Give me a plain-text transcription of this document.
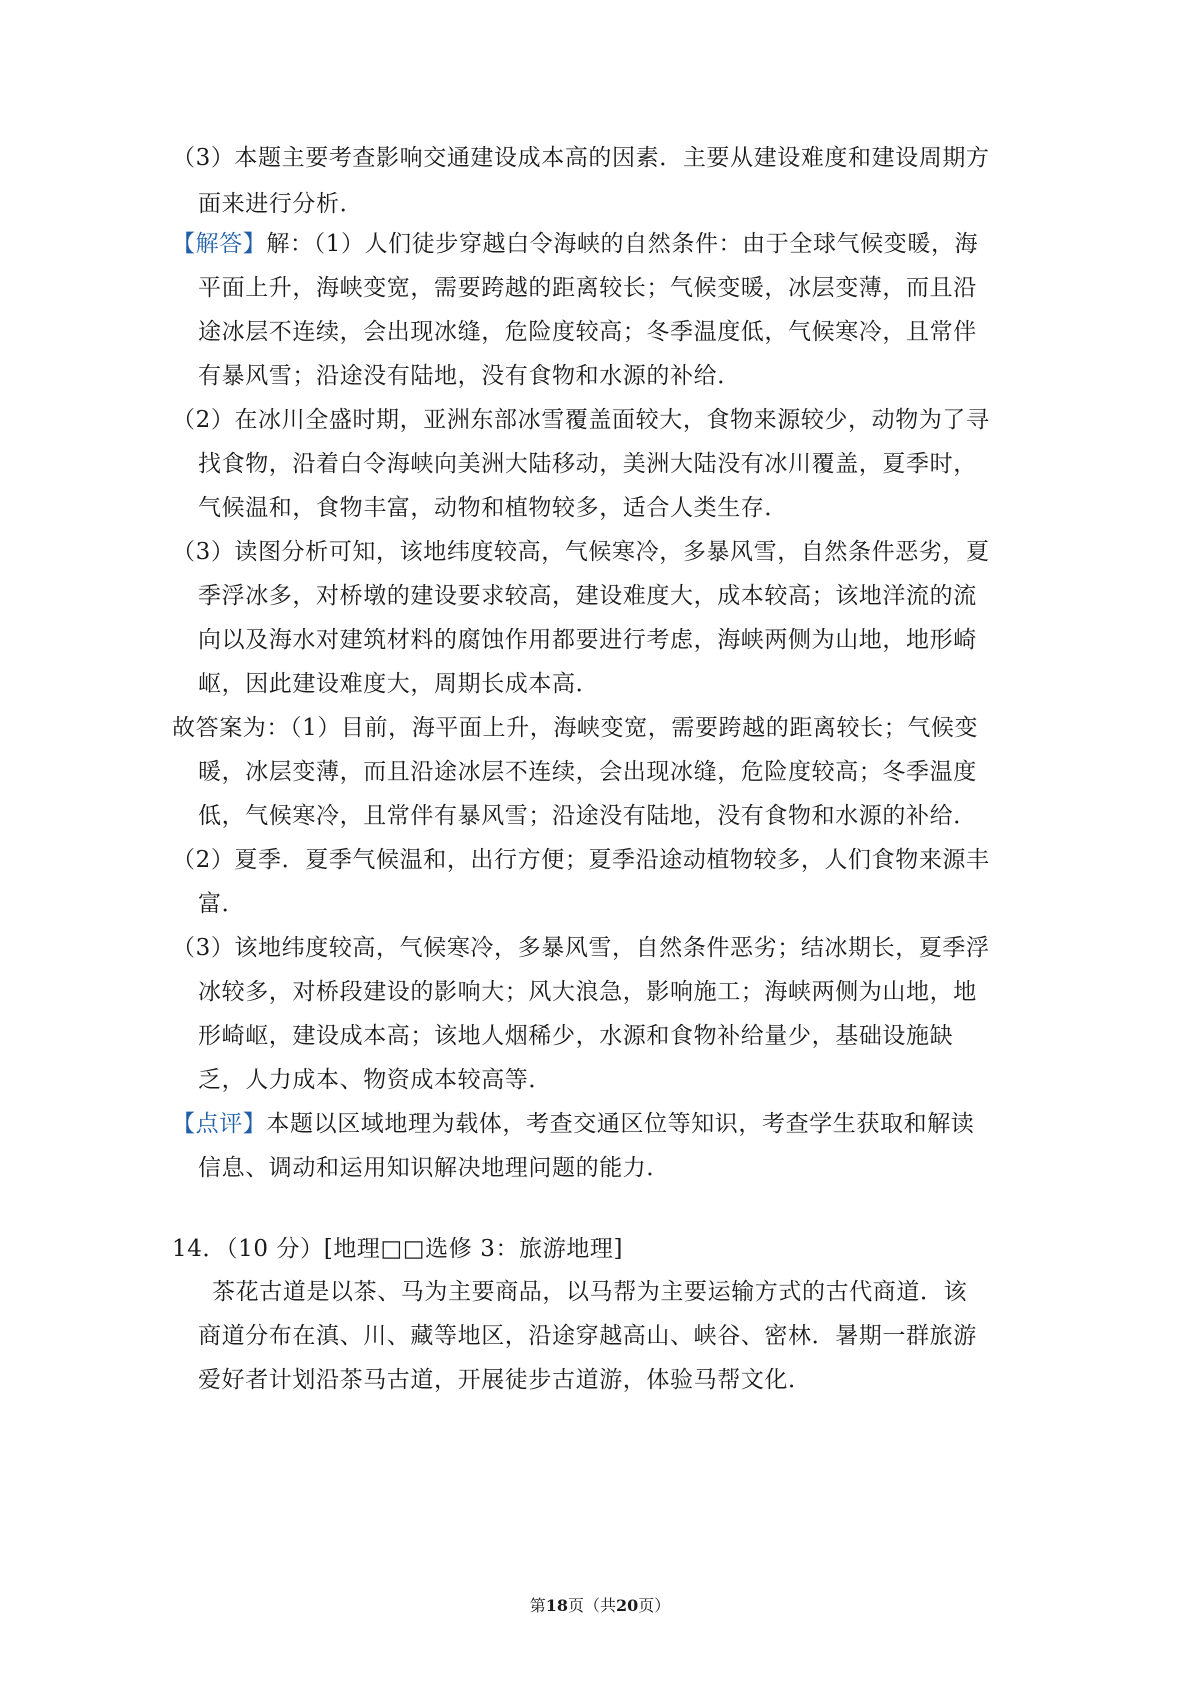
（3）本题主要考查影响交通建设成本高的因素．主要从建设难度和建设周期方
面来进行分析．
【解答】解：（1）人们徒步穿越白令海峡的自然条件：由于全球气候变暖，海
平面上升，海峡变宽，需要跨越的距离较长；气候变暖，冰层变薄，而且沿
途冰层不连续，会出现冰缝，危险度较高；冬季温度低，气候寒冷，且常伴
有暴风雪；沿途没有陆地，没有食物和水源的补给．
（2）在冰川全盛时期，亚洲东部冰雪覆盖面较大，食物来源较少，动物为了寻
找食物，沿着白令海峡向美洲大陆移动，美洲大陆没有冰川覆盖，夏季时，
气候温和，食物丰富，动物和植物较多，适合人类生存．
（3）读图分析可知，该地纬度较高，气候寒冷，多暴风雪，自然条件恶劣，夏
季浮冰多，对桥墩的建设要求较高，建设难度大，成本较高；该地洋流的流
向以及海水对建筑材料的腐蚀作用都要进行考虑，海峡两侧为山地，地形崎
岖，因此建设难度大，周期长成本高．
故答案为：（1）目前，海平面上升，海峡变宽，需要跨越的距离较长；气候变
暖，冰层变薄，而且沿途冰层不连续，会出现冰缝，危险度较高；冬季温度
低，气候寒冷，且常伴有暴风雪；沿途没有陆地，没有食物和水源的补给．
（2）夏季．夏季气候温和，出行方便；夏季沿途动植物较多，人们食物来源丰
富．
（3）该地纬度较高，气候寒冷，多暴风雪，自然条件恶劣；结冰期长，夏季浮
冰较多，对桥段建设的影响大；风大浪急，影响施工；海峡两侧为山地，地
形崎岖，建设成本高；该地人烟稀少，水源和食物补给量少，基础设施缺
乏，人力成本、物资成本较高等．
【点评】本题以区域地理为载体，考查交通区位等知识，考查学生获取和解读
信息、调动和运用知识解决地理问题的能力．
14．（10 分）[地理□□选修 3：旅游地理]
茶花古道是以茶、马为主要商品，以马帮为主要运输方式的古代商道．该
商道分布在滇、川、藏等地区，沿途穿越高山、峡谷、密林．暑期一群旅游
爱好者计划沿茶马古道，开展徒步古道游，体验马帮文化．
第18页（共20页）
